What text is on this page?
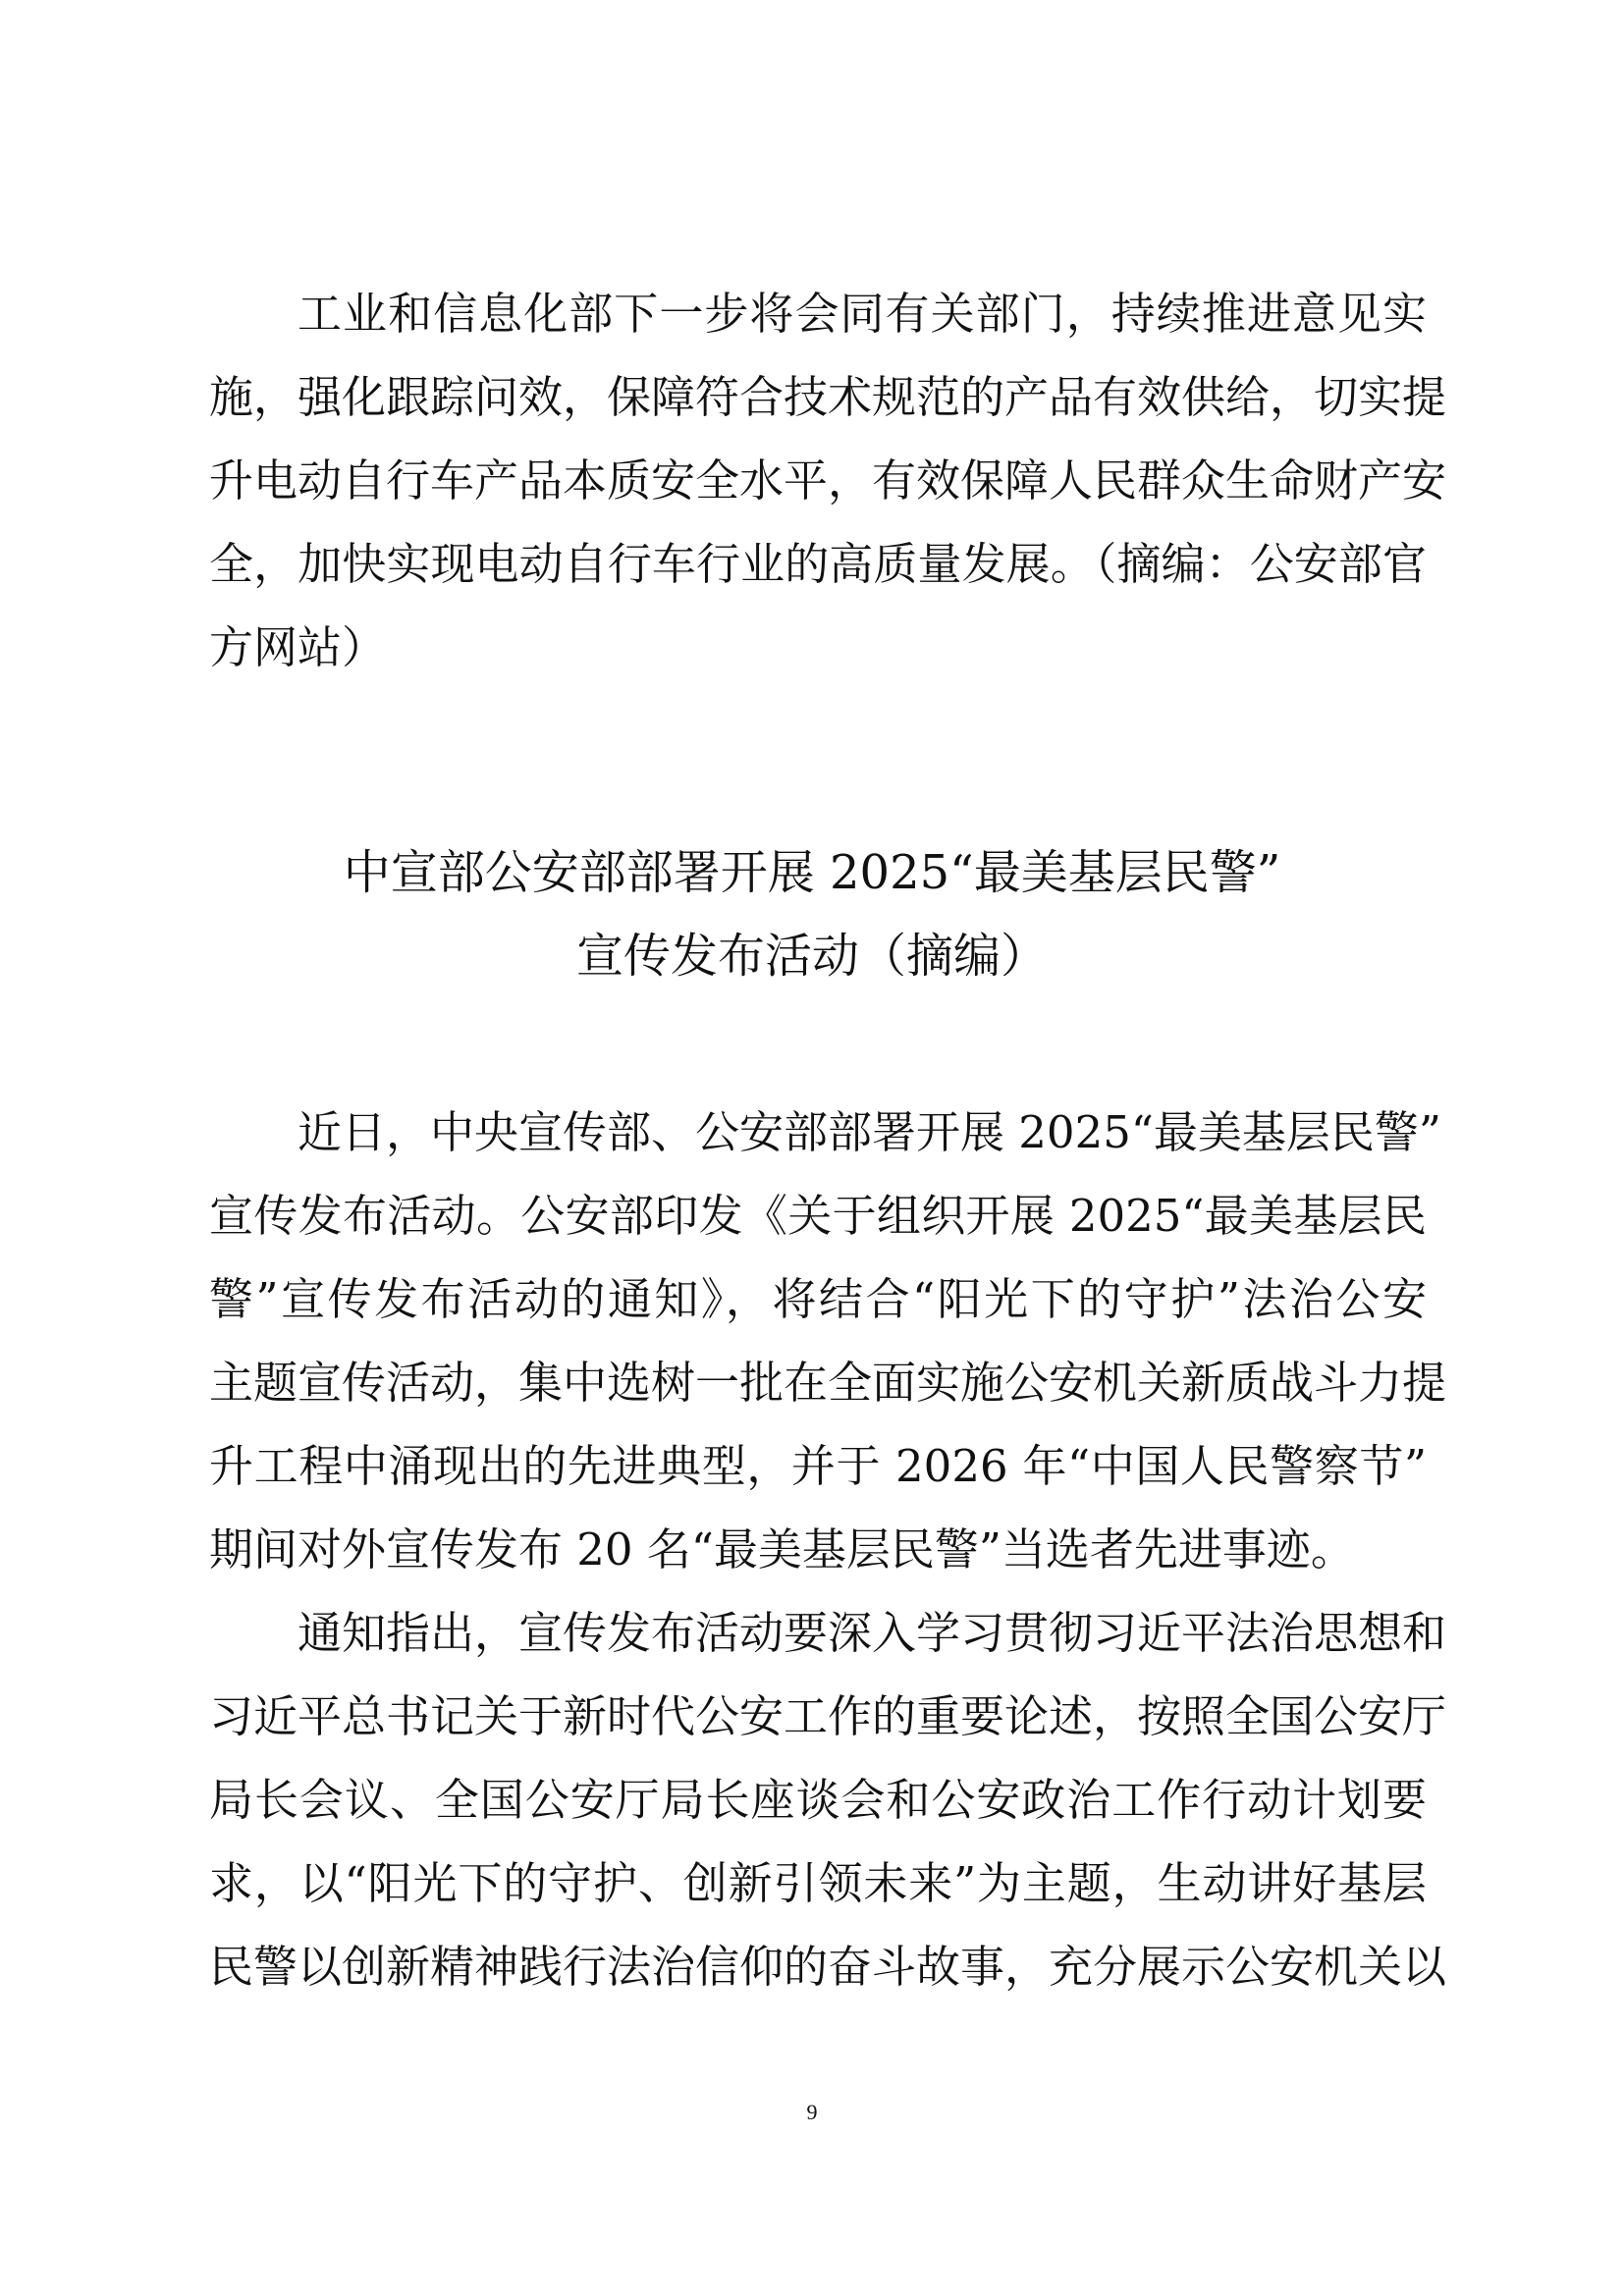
工业和信息化部下一步将会同有关部门，持续推进意见实
施，强化跟踪问效，保障符合技术规范的产品有效供给，切实提
升电动自行车产品本质安全水平，有效保障人民群众生命财产安
全，加快实现电动自行车行业的高质量发展。（摘编：公安部官
方网站）
中宣部公安部部署开展 2025“最美基层民警”
宣传发布活动（摘编）
近日，中央宣传部、公安部部署开展 2025“最美基层民警”
宣传发布活动。公安部印发《关于组织开展 2025“最美基层民
警”宣传发布活动的通知》，将结合“阳光下的守护”法治公安
主题宣传活动，集中选树一批在全面实施公安机关新质战斗力提
升工程中涌现出的先进典型，并于 2026 年“中国人民警察节”
期间对外宣传发布 20 名“最美基层民警”当选者先进事迹。
通知指出，宣传发布活动要深入学习贯彻习近平法治思想和
习近平总书记关于新时代公安工作的重要论述，按照全国公安厅
局长会议、全国公安厅局长座谈会和公安政治工作行动计划要
求，以“阳光下的守护、创新引领未来”为主题，生动讲好基层
民警以创新精神践行法治信仰的奋斗故事，充分展示公安机关以
9
